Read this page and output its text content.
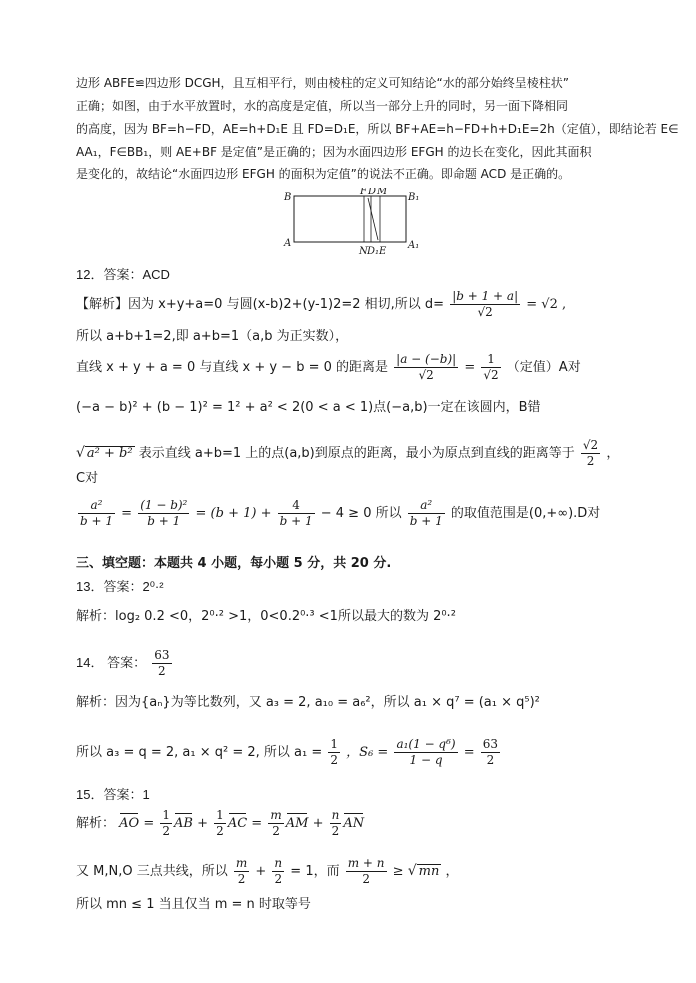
边形 ABFE≌四边形 DCGH，且互相平行，则由棱柱的定义可知结论“水的部分始终呈棱柱状”
正确；如图，由于水平放置时，水的高度是定值，所以当一部分上升的同时，另一面下降相同
的高度，因为 BF=h−FD，AE=h+D₁E 且 FD=D₁E，所以 BF+AE=h−FD+h+D₁E=2h（定值），即结论若 E∈
AA₁，F∈BB₁，则 AE+BF 是定值”是正确的；因为水面四边形 EFGH 的边长在变化，因此其面积
是变化的，故结论“水面四边形 EFGH 的面积为定值”的说法不正确。即命题 ACD 是正确的。
B	B₁
A	A₁
F D M
N D₁ E
12．答案：ACD
【解析】因为 x+y+a=0 与圆(x-b)2+(y-1)2=2 相切,所以 $d= \frac{|b + 1 + a|}{√2} = √2$ ,
所以 a+b+1=2,即 a+b=1（a,b 为正实数），
直线 x + y + a = 0 与直线 x + y − b = 0 的距离是 $\frac{|a - (-b)|}{√2} = \frac{1}{√2}$ （定值）A对
(−a − b)² + (b − 1)² = 1² + a² < 2(0 < a < 1)点(−a,b)一定在该圆内，B错
√ a² + b² 表示直线 a+b=1 上的点(a,b)到原点的距离，最小为原点到直线的距离等于 $\frac{√2}{2}$ ，
C对
$\frac{\text{a²}}{b + 1} = \frac{\text{(1 − b)²}}{b + 1} = (b + 1) + \frac{4}{b + 1} - 4 \ge 0$ 所以 $\frac{\text{a²}}{b + 1}$ 的取值范围是(0,+∞).D对
三、填空题：本题共 4 小题，每小题 5 分，共 20 分.
13．答案：2⁰·²
解析：log₂ 0.2 <0，2⁰·² >1，0<0.2⁰·³ <1所以最大的数为 2⁰·²
14． 答案： $\frac{63}{2}$
解析：因为{aₙ}为等比数列，又 a₃ = 2, a₁₀ = a₆²，所以 a₁ × q⁷ = (a₁ × q⁵)²
所以 a₃ = q = 2, a₁ × q² = 2, 所以 $a_1 = \frac{1}{2}$ ，$S_6 = \frac{\text{a₁(1 − q⁶)}}{1 - q} = \frac{63}{2}$
15．答案：1
解析： AO = $\frac{1}{2}$ AB + $\frac{1}{2}$ AC = $\frac{m}{2}$ AM + $\frac{n}{2}$ AN
又 M,N,O 三点共线，所以 $\frac{m}{2} + \frac{n}{2} = 1$，而 $\frac{m + n}{2}$ ≥ √ mn ，
所以 mn ≤ 1 当且仅当 m = n 时取等号
